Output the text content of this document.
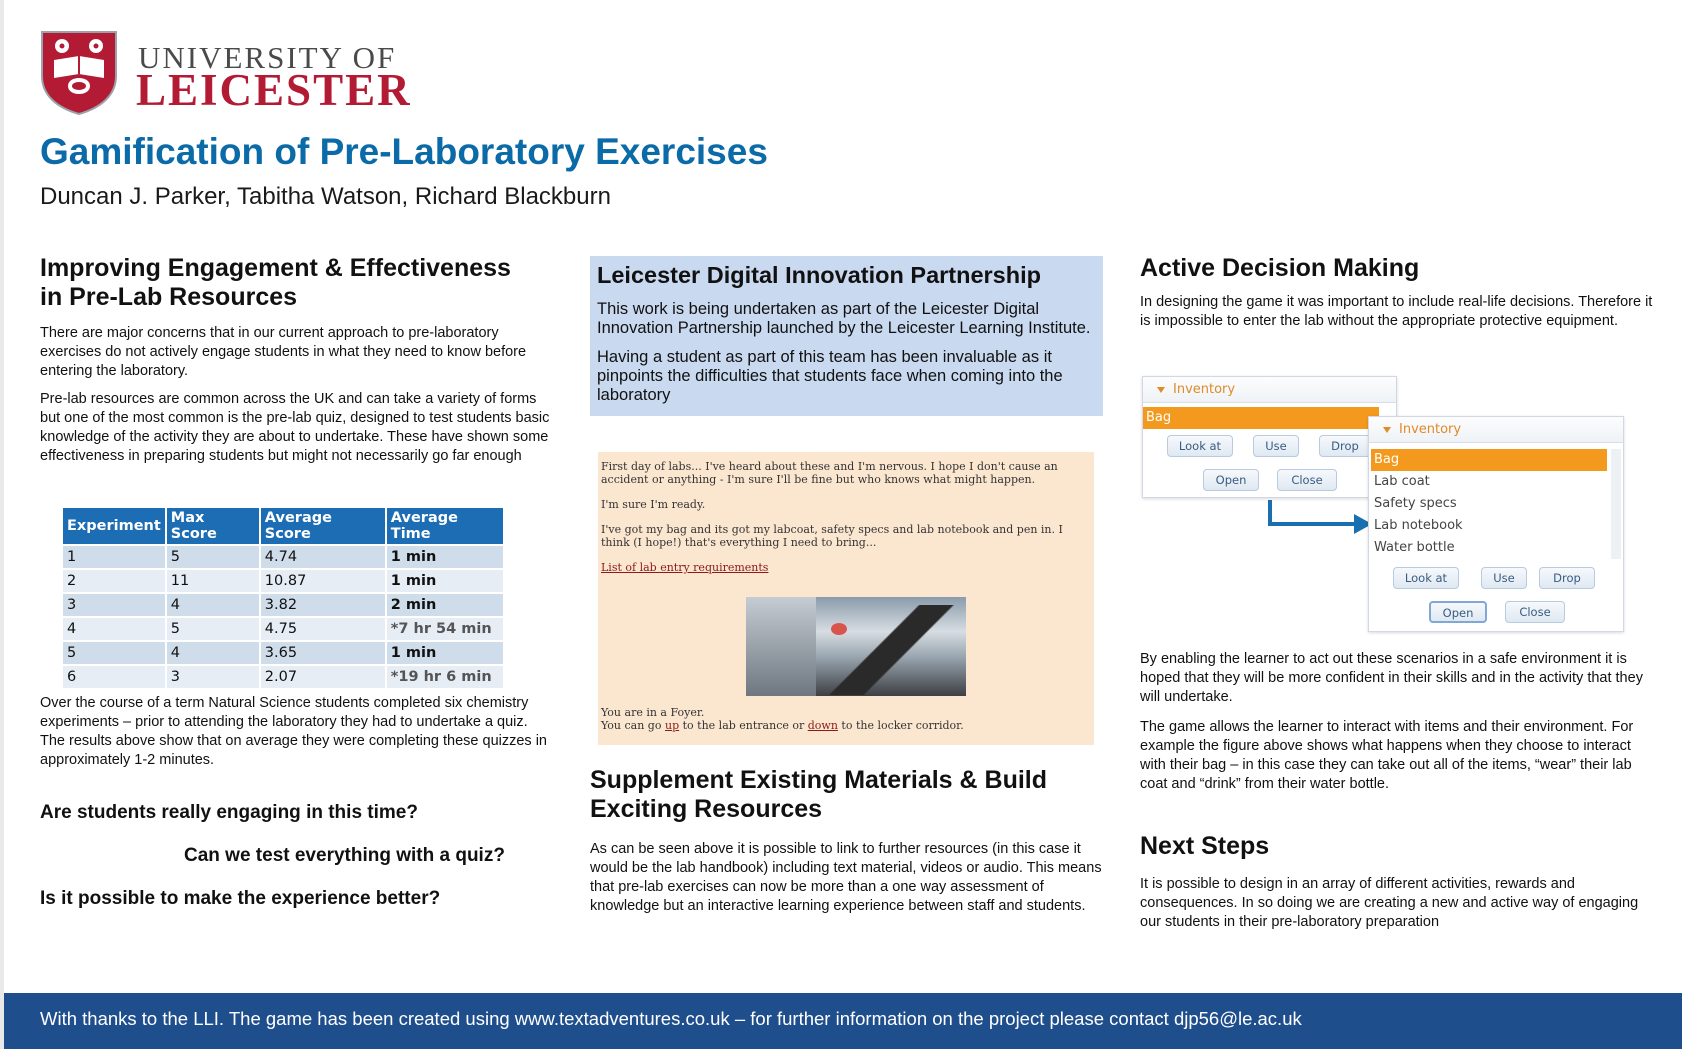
UNIVERSITY OF
LEICESTER
Gamification of Pre-Laboratory Exercises
Duncan J. Parker, Tabitha Watson, Richard Blackburn
Improving Engagement & Effectiveness
in Pre-Lab Resources

There are major concerns that in our current approach to pre-laboratory exercises do not actively engage students in what they need to know before entering the laboratory.

Pre-lab resources are common across the UK and can take a variety of forms but one of the most common is the pre-lab quiz, designed to test students basic knowledge of the activity they are about to undertake. These have shown some effectiveness in preparing students but might not necessarily go far enough

Experiment	Max Score	Average Score	Average Time
1	5	4.74	1 min
2	11	10.87	1 min
3	4	3.82	2 min
4	5	4.75	*7 hr 54 min
5	4	3.65	1 min
6	3	2.07	*19 hr 6 min

Over the course of a term Natural Science students completed six chemistry experiments – prior to attending the laboratory they had to undertake a quiz. The results above show that on average they were completing these quizzes in approximately 1-2 minutes.

Are students really engaging in this time?
Can we test everything with a quiz?
Is it possible to make the experience better?
Leicester Digital Innovation Partnership

This work is being undertaken as part of the Leicester Digital Innovation Partnership launched by the Leicester Learning Institute.

Having a student as part of this team has been invaluable as it pinpoints the difficulties that students face when coming into the laboratory

First day of labs... I've heard about these and I'm nervous. I hope I don't cause an accident or anything - I'm sure I'll be fine but who knows what might happen.

I'm sure I'm ready.

I've got my bag and its got my labcoat, safety specs and lab notebook and pen in. I think (I hope!) that's everything I need to bring...

List of lab entry requirements

You are in a Foyer.
You can go up to the lab entrance or down to the locker corridor.
Supplement Existing Materials & Build
Exciting Resources

As can be seen above it is possible to link to further resources (in this case it would be the lab handbook) including text material, videos or audio. This means that pre-lab exercises can now be more than a one way assessment of knowledge but an interactive learning experience between staff and students.

Active Decision Making

In designing the game it was important to include real-life decisions. Therefore it is impossible to enter the lab without the appropriate protective equipment.

Inventory
Bag
Look at	Use	Drop
Open	Close
Inventory
Bag
Lab coat
Safety specs
Lab notebook
Water bottle
Look at	Use	Drop
Open	Close

By enabling the learner to act out these scenarios in a safe environment it is hoped that they will be more confident in their skills and in the activity that they will undertake.

The game allows the learner to interact with items and their environment. For example the figure above shows what happens when they choose to interact with their bag – in this case they can take out all of the items, “wear” their lab coat and “drink” from their water bottle.

Next Steps

It is possible to design in an array of different activities, rewards and consequences. In so doing we are creating a new and active way of engaging our students in their pre-laboratory preparation

With thanks to the LLI. The game has been created using www.textadventures.co.uk – for further information on the project please contact djp56@le.ac.uk
